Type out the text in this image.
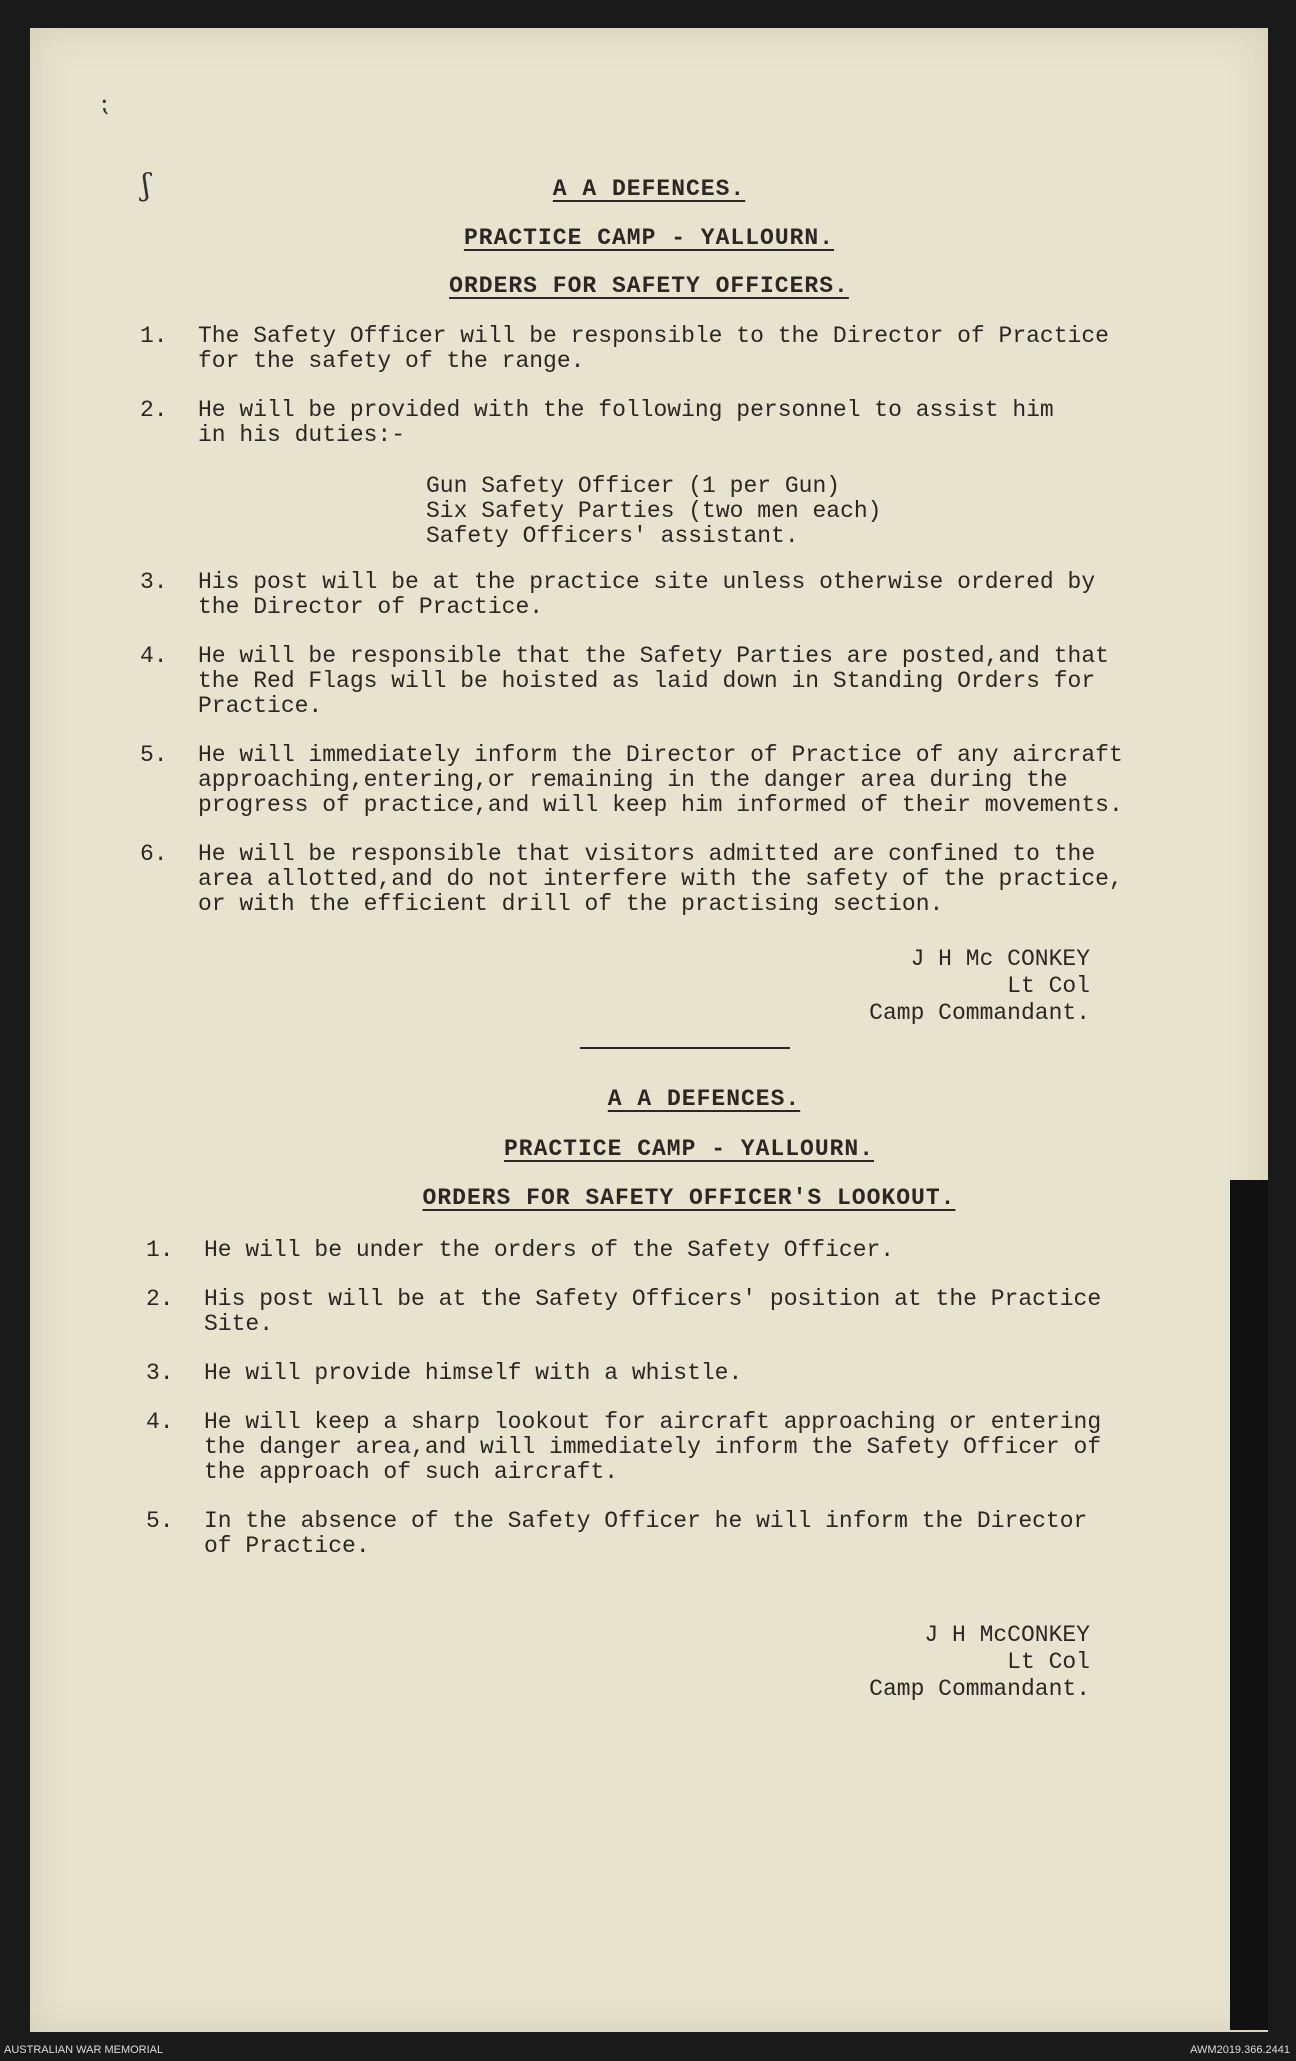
ʃ
⁏
A A DEFENCES.
PRACTICE CAMP - YALLOURN.
ORDERS FOR SAFETY OFFICERS.
1.	The Safety Officer will be responsible to the Director of Practice
for the safety of the range.
2.	He will be provided with the following personnel to assist him
in his duties:-
3.	His post will be at the practice site unless otherwise ordered by
the Director of Practice.
4.	He will be responsible that the Safety Parties are posted,and that
the Red Flags will be hoisted as laid down in Standing Orders for
Practice.
5.	He will immediately inform the Director of Practice of any aircraft
approaching,entering,or remaining in the danger area during the
progress of practice,and will keep him informed of their movements.
6.	He will be responsible that visitors admitted are confined to the
area allotted,and do not interfere with the safety of the practice,
or with the efficient drill of the practising section.
Gun Safety Officer (1 per Gun)
Six Safety Parties (two men each)
Safety Officers' assistant.
J H Mc CONKEY
Lt Col
Camp Commandant.
A A DEFENCES.
PRACTICE CAMP - YALLOURN.
ORDERS FOR SAFETY OFFICER'S LOOKOUT.
1.	He will be under the orders of the Safety Officer.
2.	His post will be at the Safety Officers' position at the Practice
Site.
3.	He will provide himself with a whistle.
4.	He will keep a sharp lookout for aircraft approaching or entering
the danger area,and will immediately inform the Safety Officer of
the approach of such aircraft.
5.	In the absence of the Safety Officer he will inform the Director
of Practice.
J H McCONKEY
Lt Col
Camp Commandant.
AUSTRALIAN WAR MEMORIAL	AWM2019.366.2441
